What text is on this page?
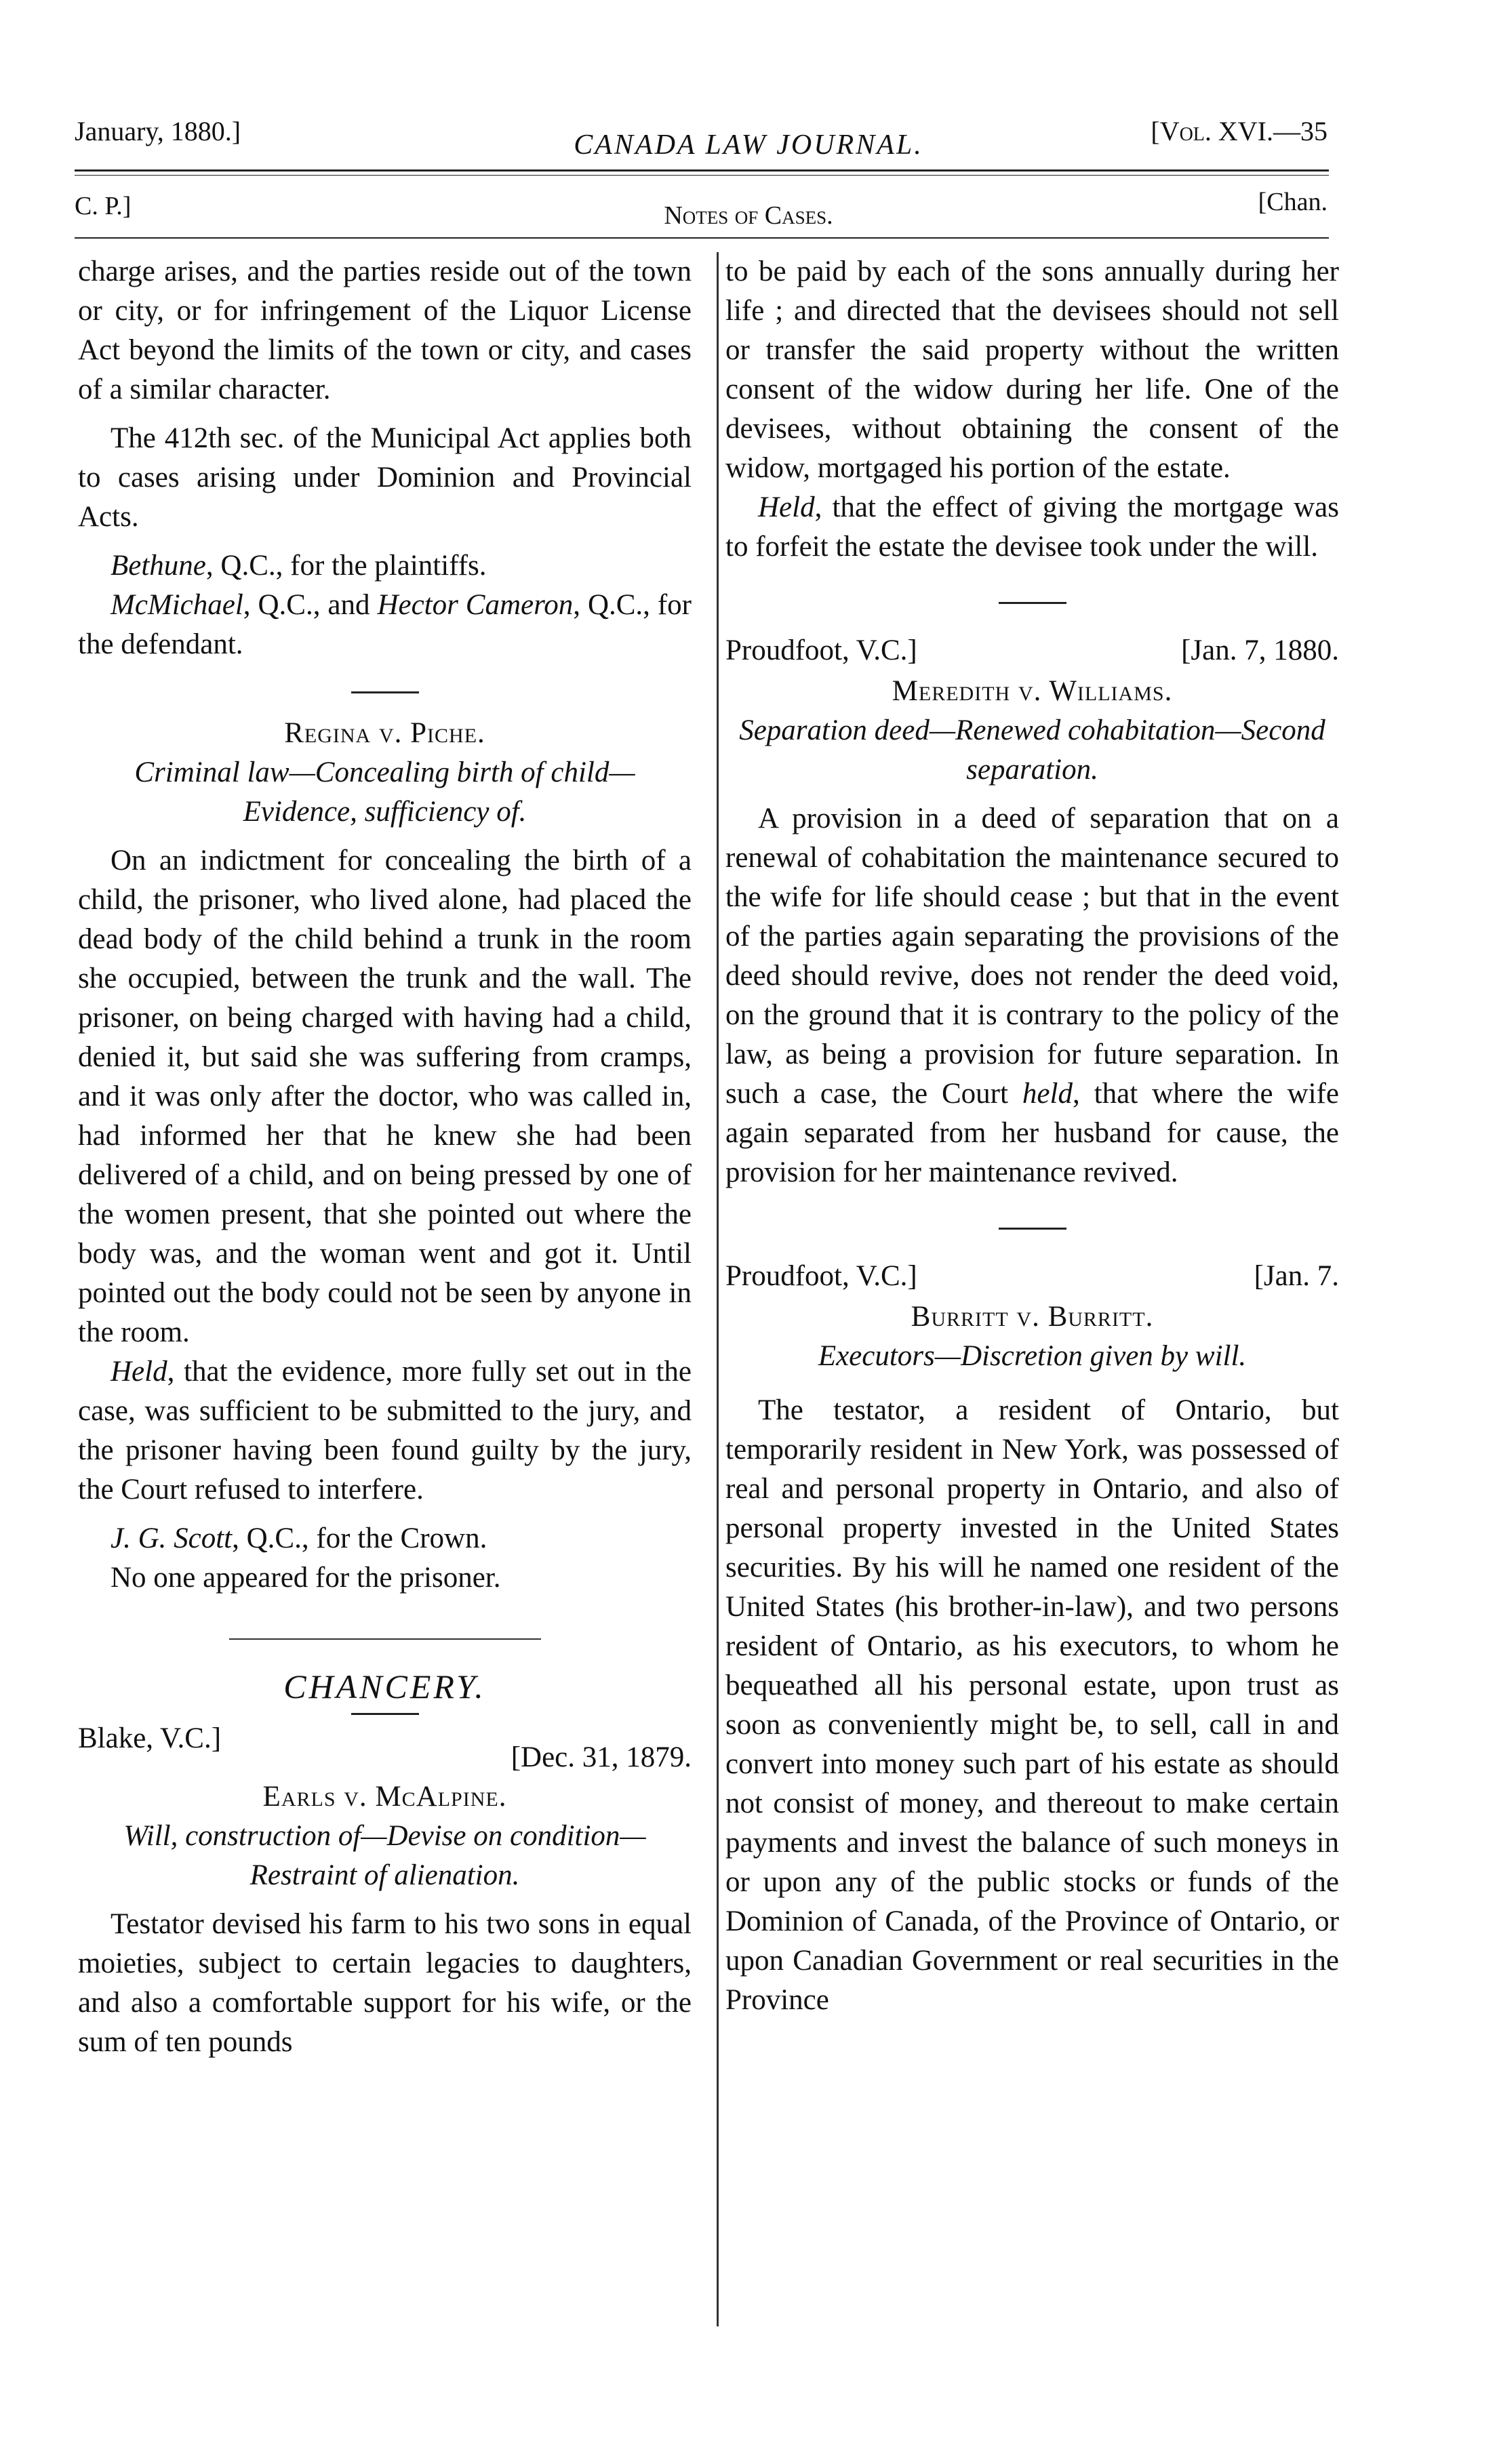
January, 1880.]	CANADA LAW JOURNAL.	[Vol. XVI.—35
C. P.]	Notes of Cases.	[Chan.

charge arises, and the parties reside out of the town or city, or for infringement of the Liquor License Act beyond the limits of the town or city, and cases of a similar character.

The 412th sec. of the Municipal Act applies both to cases arising under Dominion and Provincial Acts.

Bethune, Q.C., for the plaintiffs.

McMichael, Q.C., and Hector Cameron, Q.C., for the defendant.

Regina v. Piche.

Criminal law—Concealing birth of child—Evidence, sufficiency of.

On an indictment for concealing the birth of a child, the prisoner, who lived alone, had placed the dead body of the child behind a trunk in the room she occupied, between the trunk and the wall. The prisoner, on being charged with having had a child, denied it, but said she was suffering from cramps, and it was only after the doctor, who was called in, had informed her that he knew she had been delivered of a child, and on being pressed by one of the women present, that she pointed out where the body was, and the woman went and got it. Until pointed out the body could not be seen by anyone in the room.

Held, that the evidence, more fully set out in the case, was sufficient to be submitted to the jury, and the prisoner having been found guilty by the jury, the Court refused to interfere.

J. G. Scott, Q.C., for the Crown.

No one appeared for the prisoner.

CHANCERY.

Blake, V.C.]
[Dec. 31, 1879.

Earls v. McAlpine.

Will, construction of—Devise on condition—Restraint of alienation.

Testator devised his farm to his two sons in equal moieties, subject to certain legacies to daughters, and also a comfortable support for his wife, or the sum of ten pounds

to be paid by each of the sons annually during her life ; and directed that the devisees should not sell or transfer the said property without the written consent of the widow during her life. One of the devisees, without obtaining the consent of the widow, mortgaged his portion of the estate.

Held, that the effect of giving the mortgage was to forfeit the estate the devisee took under the will.

Proudfoot, V.C.]	[Jan. 7, 1880.

Meredith v. Williams.

Separation deed—Renewed cohabitation—Second separation.

A provision in a deed of separation that on a renewal of cohabitation the maintenance secured to the wife for life should cease ; but that in the event of the parties again separating the provisions of the deed should revive, does not render the deed void, on the ground that it is contrary to the policy of the law, as being a provision for future separation. In such a case, the Court held, that where the wife again separated from her husband for cause, the provision for her maintenance revived.

Proudfoot, V.C.]	[Jan. 7.

Burritt v. Burritt.

Executors—Discretion given by will.

The testator, a resident of Ontario, but temporarily resident in New York, was possessed of real and personal property in Ontario, and also of personal property invested in the United States securities. By his will he named one resident of the United States (his brother-in-law), and two persons resident of Ontario, as his executors, to whom he bequeathed all his personal estate, upon trust as soon as conveniently might be, to sell, call in and convert into money such part of his estate as should not consist of money, and thereout to make certain payments and invest the balance of such moneys in or upon any of the public stocks or funds of the Dominion of Canada, of the Province of Ontario, or upon Canadian Government or real securities in the Province
